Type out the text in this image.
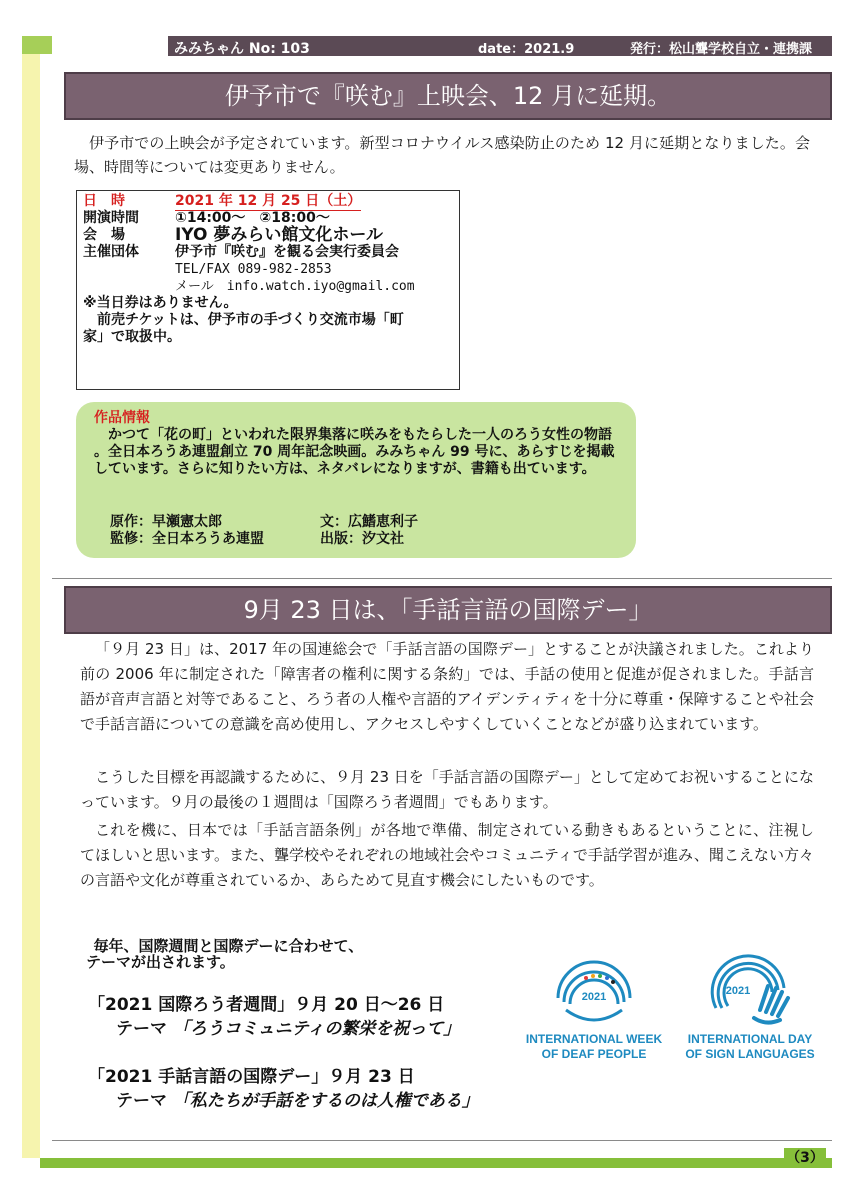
みみちゃん No: 103	date：2021.9	発行：松山聾学校自立・連携課
伊予市で『咲む』上映会、12 月に延期。

伊予市での上映会が予定されています。新型コロナウイルス感染防止のため 12 月に延期となりました。会場、時間等については変更ありません。

日　時	2021 年 12 月 25 日（土）
開演時間	①14:00～　②18:00～
会　場	IYO 夢みらい館文化ホール
主催団体	伊予市『咲む』を観る会実行委員会
TEL/FAX 089-982-2853
メール　info.watch.iyo@gmail.com
※当日券はありません。
前売チケットは、伊予市の手づくり交流市場「町
家」で取扱中。
作品情報
かつて「花の町」といわれた限界集落に咲みをもたらした一人のろう女性の物語 。全日本ろうあ連盟創立 70 周年記念映画。みみちゃん 99 号に、あらすじを掲載しています。さらに知りたい方は、ネタバレになりますが、書籍も出ています。
原作：早瀬憲太郎	文：広鰭恵利子
監修：全日本ろうあ連盟	出版：汐文社
9月 23 日は、「手話言語の国際デー」

「９月 23 日」は、2017 年の国連総会で「手話言語の国際デー」とすることが決議されました。これより前の 2006 年に制定された「障害者の権利に関する条約」では、手話の使用と促進が促されました。手話言語が音声言語と対等であること、ろう者の人権や言語的アイデンティティを十分に尊重・保障することや社会で手話言語についての意識を高め使用し、アクセスしやすくしていくことなどが盛り込まれています。

こうした目標を再認識するために、９月 23 日を「手話言語の国際デー」として定めてお祝いすることになっています。９月の最後の１週間は「国際ろう者週間」でもあります。

これを機に、日本では「手話言語条例」が各地で準備、制定されている動きもあるということに、注視してほしいと思います。また、聾学校やそれぞれの地域社会やコミュニティで手話学習が進み、聞こえない方々の言語や文化が尊重されているか、あらためて見直す機会にしたいものです。

毎年、国際週間と国際デーに合わせて、
テーマが出されます。
「2021 国際ろう者週間」９月 20 日～26 日
テーマ 「ろうコミュニティの繁栄を祝って」
「2021 手話言語の国際デー」９月 23 日
テーマ 「私たちが手話をするのは人権である」
2021
INTERNATIONAL WEEK
OF DEAF PEOPLE
2021
INTERNATIONAL DAY
OF SIGN LANGUAGES
（3）
